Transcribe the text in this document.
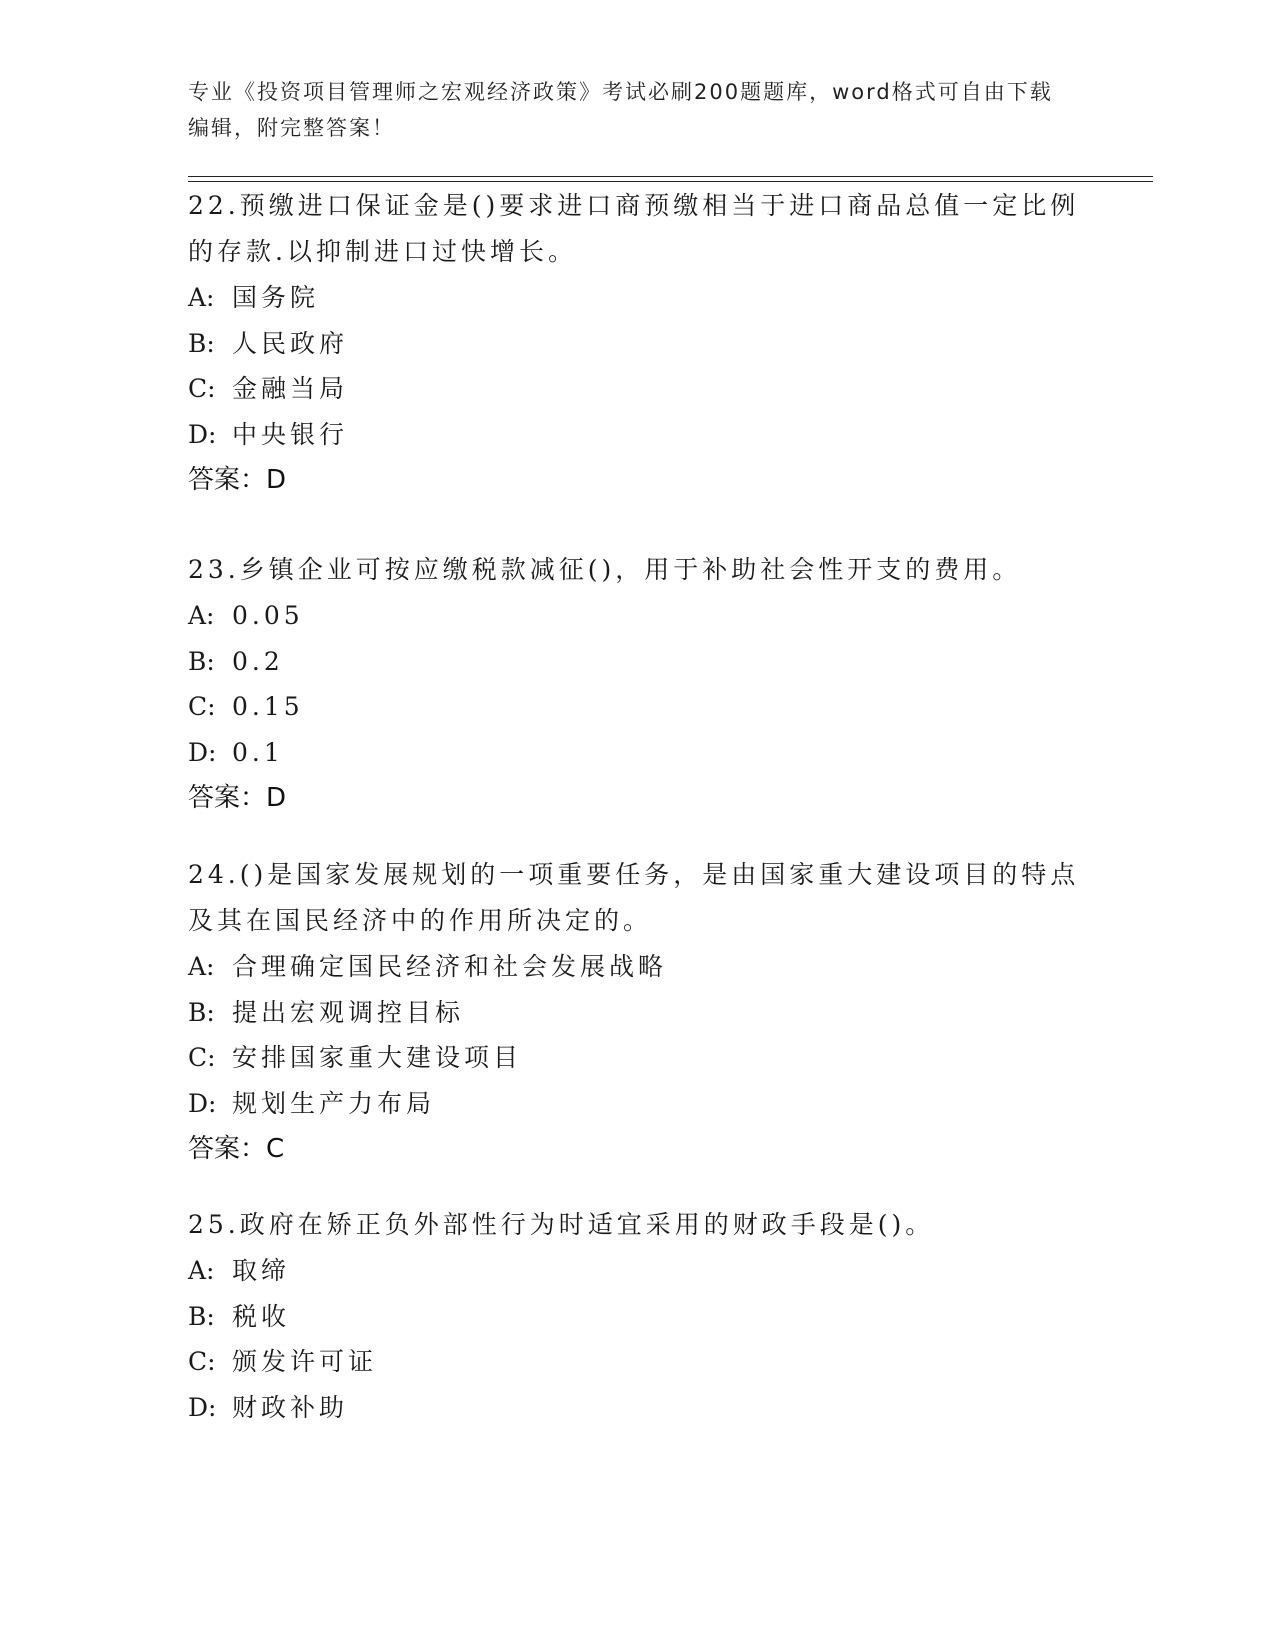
专业《投资项目管理师之宏观经济政策》考试必刷200题题库，word格式可自由下载编辑，附完整答案！

22.预缴进口保证金是()要求进口商预缴相当于进口商品总值一定比例的存款.以抑制进口过快增长。

A: 国务院

B: 人民政府

C: 金融当局

D: 中央银行

答案：D

23.乡镇企业可按应缴税款减征()，用于补助社会性开支的费用。

A: 0.05

B: 0.2

C: 0.15

D: 0.1

答案：D

24.()是国家发展规划的一项重要任务，是由国家重大建设项目的特点及其在国民经济中的作用所决定的。

A: 合理确定国民经济和社会发展战略

B: 提出宏观调控目标

C: 安排国家重大建设项目

D: 规划生产力布局

答案：C

25.政府在矫正负外部性行为时适宜采用的财政手段是()。

A: 取缔

B: 税收

C: 颁发许可证

D: 财政补助
